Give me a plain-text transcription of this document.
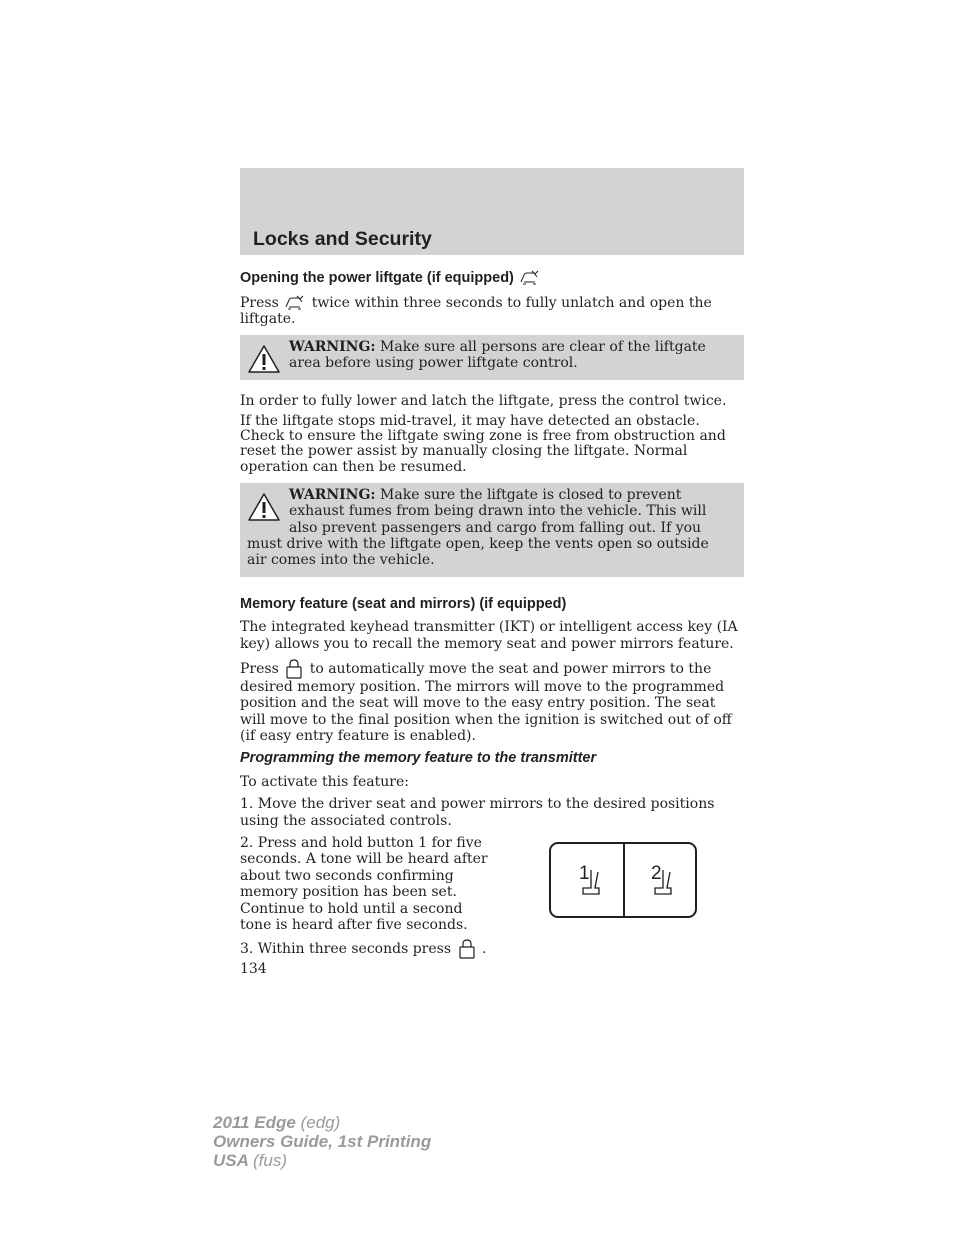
Locks and Security
Opening the power liftgate (if equipped)
Press twice within three seconds to fully unlatch and open the liftgate.
WARNING: Make sure all persons are clear of the liftgate area before using power liftgate control.
In order to fully lower and latch the liftgate, press the control twice.
If the liftgate stops mid-travel, it may have detected an obstacle. Check to ensure the liftgate swing zone is free from obstruction and reset the power assist by manually closing the liftgate. Normal operation can then be resumed.
WARNING: Make sure the liftgate is closed to prevent exhaust fumes from being drawn into the vehicle. This will also prevent passengers and cargo from falling out. If you must drive with the liftgate open, keep the vents open so outside air comes into the vehicle.
Memory feature (seat and mirrors) (if equipped)
The integrated keyhead transmitter (IKT) or intelligent access key (IA key) allows you to recall the memory seat and power mirrors feature.
Press to automatically move the seat and power mirrors to the desired memory position. The mirrors will move to the programmed position and the seat will move to the easy entry position. The seat will move to the final position when the ignition is switched out of off (if easy entry feature is enabled).
Programming the memory feature to the transmitter
To activate this feature:
1. Move the driver seat and power mirrors to the desired positions using the associated controls.
2. Press and hold button 1 for five seconds. A tone will be heard after about two seconds confirming memory position has been set. Continue to hold until a second tone is heard after five seconds.
3. Within three seconds press .
1	2
134
2011 Edge (edg)
Owners Guide, 1st Printing
USA (fus)
